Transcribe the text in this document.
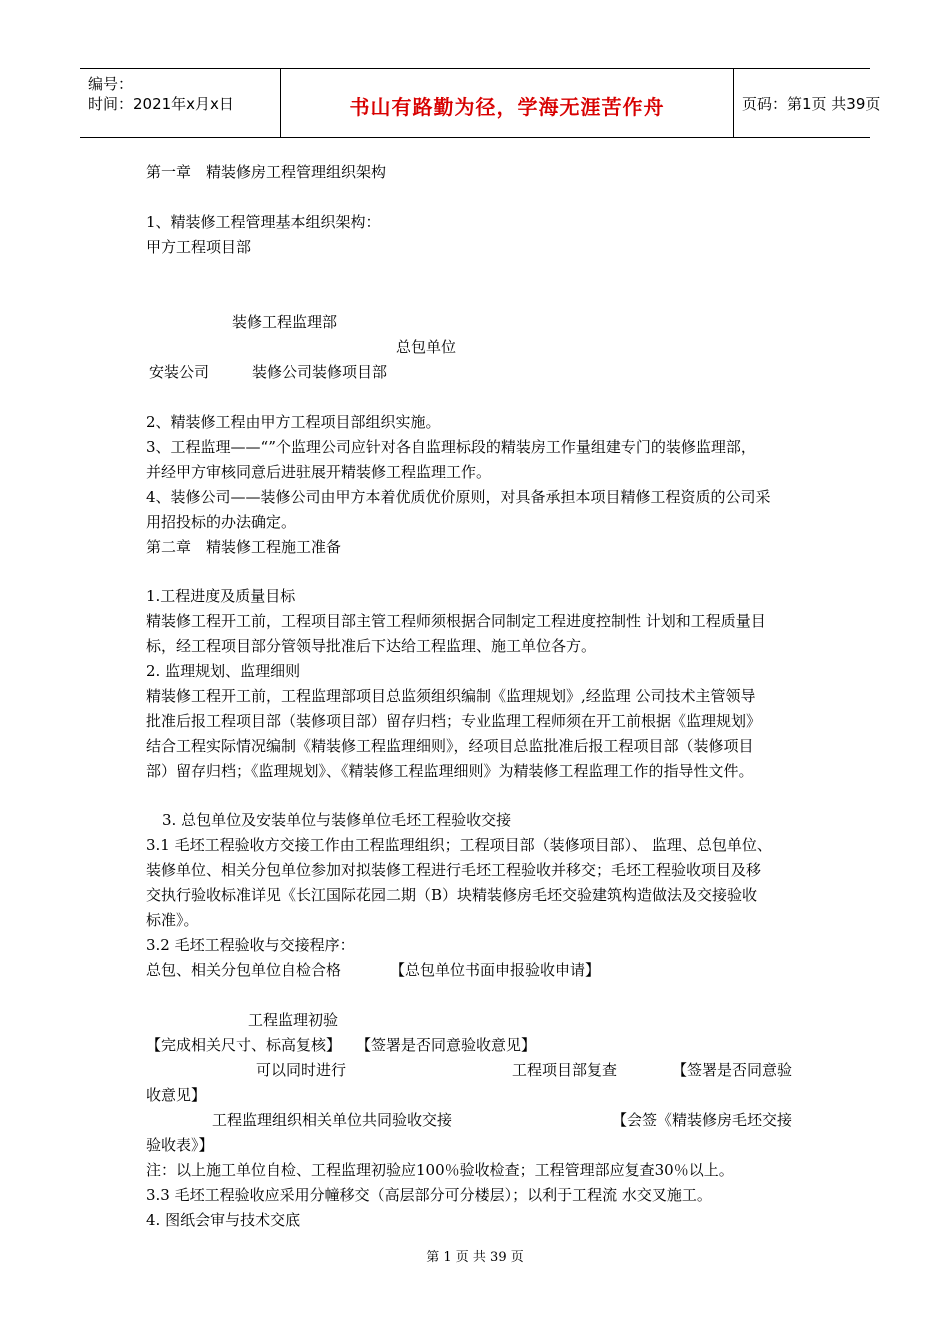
编号：
时间：2021年x月x日	书山有路勤为径，学海无涯苦作舟	页码：第1页 共39页
第一章　精装修房工程管理组织架构
1、精装修工程管理基本组织架构：
甲方工程项目部
装修工程监理部
总包单位
安装公司	装修公司装修项目部
2、精装修工程由甲方工程项目部组织实施。
3、工程监理——“”个监理公司应针对各自监理标段的精装房工作量组建专门的装修监理部，
并经甲方审核同意后进驻展开精装修工程监理工作。
4、装修公司——装修公司由甲方本着优质优价原则，对具备承担本项目精修工程资质的公司采
用招投标的办法确定。
第二章　精装修工程施工准备
1.工程进度及质量目标
精装修工程开工前，工程项目部主管工程师须根据合同制定工程进度控制性 计划和工程质量目
标，经工程项目部分管领导批准后下达给工程监理、施工单位各方。
2. 监理规划、监理细则
精装修工程开工前，工程监理部项目总监须组织编制《监理规划》,经监理 公司技术主管领导
批准后报工程项目部（装修项目部）留存归档；专业监理工程师须在开工前根据《监理规划》
结合工程实际情况编制《精装修工程监理细则》，经项目总监批准后报工程项目部（装修项目
部）留存归档；《监理规划》、《精装修工程监理细则》为精装修工程监理工作的指导性文件。
3. 总包单位及安装单位与装修单位毛坯工程验收交接
3.1 毛坯工程验收方交接工作由工程监理组织；工程项目部（装修项目部）、 监理、总包单位、
装修单位、相关分包单位参加对拟装修工程进行毛坯工程验收并移交；毛坯工程验收项目及移
交执行验收标准详见《长江国际花园二期（B）块精装修房毛坯交验建筑构造做法及交接验收
标准》。
3.2 毛坯工程验收与交接程序：
总包、相关分包单位自检合格	【总包单位书面申报验收申请】
工程监理初验
【完成相关尺寸、标高复核】 【签署是否同意验收意见】
可以同时进行	工程项目部复查	【签署是否同意验
收意见】
工程监理组织相关单位共同验收交接	【会签《精装修房毛坯交接
验收表》】
注：以上施工单位自检、工程监理初验应100％验收检查；工程管理部应复查30％以上。
3.3 毛坯工程验收应采用分幢移交（高层部分可分楼层）；以利于工程流 水交叉施工。
4. 图纸会审与技术交底
第 1 页 共 39 页
